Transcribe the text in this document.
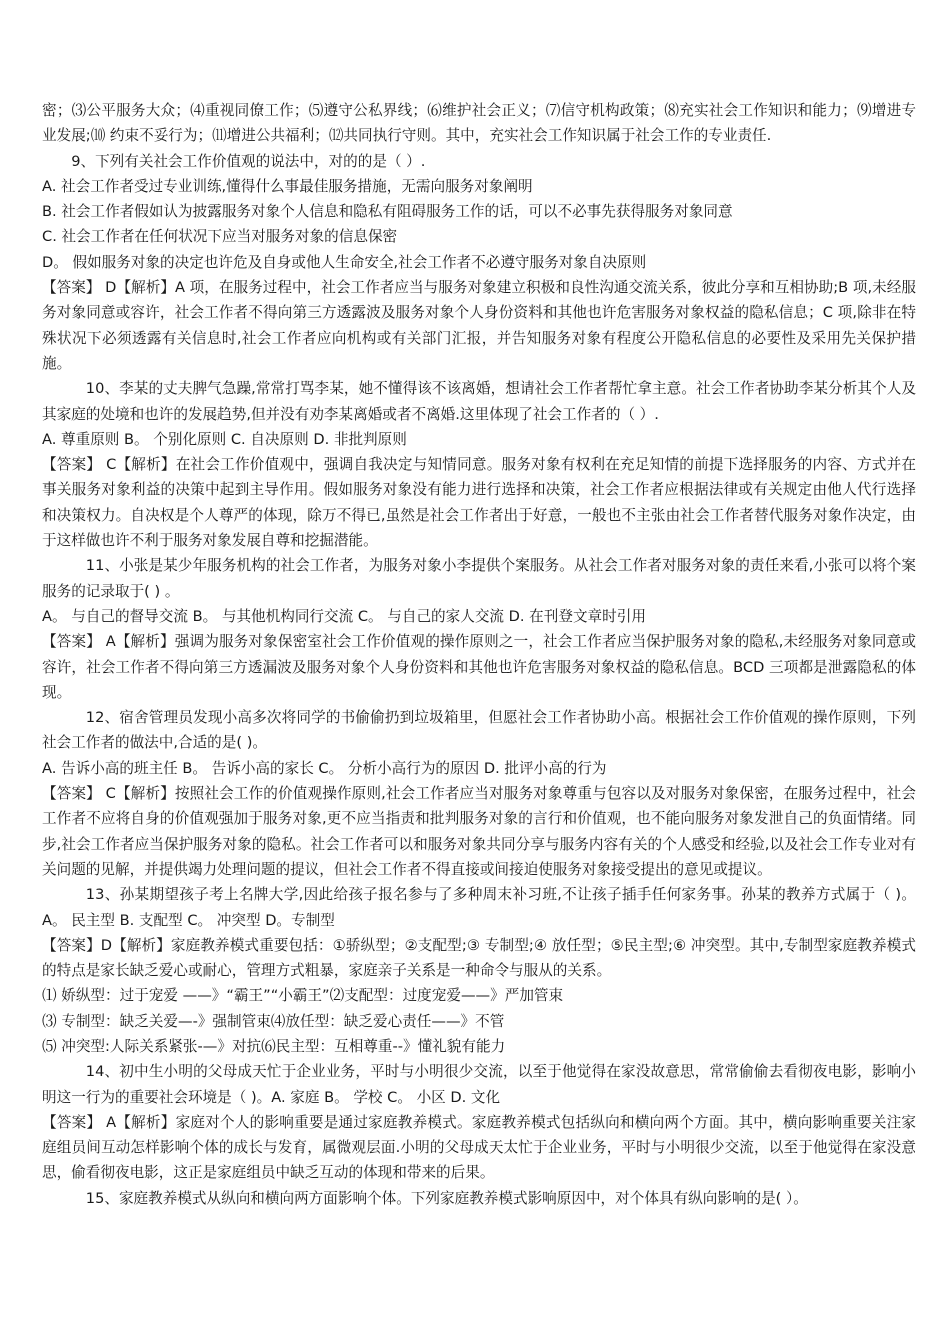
密；⑶公平服务大众；⑷重视同僚工作；⑸遵守公私界线；⑹维护社会正义；⑺信守机构政策；⑻充实社会工作知识和能力；⑼增进专业发展;⑽ 约束不妥行为；⑾增进公共福利；⑿共同执行守则。其中，充实社会工作知识属于社会工作的专业责任.

9、下列有关社会工作价值观的说法中，对的的是（ ）.

A. 社会工作者受过专业训练,懂得什么事最佳服务措施，无需向服务对象阐明

B. 社会工作者假如认为披露服务对象个人信息和隐私有阻碍服务工作的话，可以不必事先获得服务对象同意

C. 社会工作者在任何状况下应当对服务对象的信息保密

D。 假如服务对象的决定也许危及自身或他人生命安全,社会工作者不必遵守服务对象自决原则

【答案】 D【解析】A 项，在服务过程中，社会工作者应当与服务对象建立积极和良性沟通交流关系，彼此分享和互相协助;B 项,未经服务对象同意或容许，社会工作者不得向第三方透露波及服务对象个人身份资料和其他也许危害服务对象权益的隐私信息；C 项,除非在特殊状况下必须透露有关信息时,社会工作者应向机构或有关部门汇报，并告知服务对象有程度公开隐私信息的必要性及采用先关保护措施。

10、李某的丈夫脾气急躁,常常打骂李某，她不懂得该不该离婚，想请社会工作者帮忙拿主意。社会工作者协助李某分析其个人及其家庭的处境和也许的发展趋势,但并没有劝李某离婚或者不离婚.这里体现了社会工作者的（ ）.

A. 尊重原则 B。 个别化原则 C. 自决原则 D. 非批判原则

【答案】 C【解析】在社会工作价值观中，强调自我决定与知情同意。服务对象有权利在充足知情的前提下选择服务的内容、方式并在事关服务对象利益的决策中起到主导作用。假如服务对象没有能力进行选择和决策，社会工作者应根据法律或有关规定由他人代行选择和决策权力。自决权是个人尊严的体现，除万不得已,虽然是社会工作者出于好意，一般也不主张由社会工作者替代服务对象作决定，由于这样做也许不利于服务对象发展自尊和挖掘潜能。

11、小张是某少年服务机构的社会工作者，为服务对象小李提供个案服务。从社会工作者对服务对象的责任来看,小张可以将个案服务的记录取于( ) 。

A。 与自己的督导交流 B。 与其他机构同行交流 C。 与自己的家人交流 D. 在刊登文章时引用

【答案】 A【解析】强调为服务对象保密室社会工作价值观的操作原则之一，社会工作者应当保护服务对象的隐私,未经服务对象同意或容许，社会工作者不得向第三方透漏波及服务对象个人身份资料和其他也许危害服务对象权益的隐私信息。BCD 三项都是泄露隐私的体现。

12、宿舍管理员发现小高多次将同学的书偷偷扔到垃圾箱里，但愿社会工作者协助小高。根据社会工作价值观的操作原则，下列社会工作者的做法中,合适的是( )。

A. 告诉小高的班主任 B。 告诉小高的家长 C。 分析小高行为的原因 D. 批评小高的行为

【答案】 C【解析】按照社会工作的价值观操作原则,社会工作者应当对服务对象尊重与包容以及对服务对象保密，在服务过程中，社会工作者不应将自身的价值观强加于服务对象,更不应当指责和批判服务对象的言行和价值观，也不能向服务对象发泄自己的负面情绪。同步,社会工作者应当保护服务对象的隐私。社会工作者可以和服务对象共同分享与服务内容有关的个人感受和经验,以及社会工作专业对有关问题的见解，并提供竭力处理问题的提议，但社会工作者不得直接或间接迫使服务对象接受提出的意见或提议。

13、孙某期望孩子考上名牌大学,因此给孩子报名参与了多种周末补习班,不让孩子插手任何家务事。孙某的教养方式属于（ )。A。 民主型 B. 支配型 C。 冲突型 D。专制型

【答案】D【解析】家庭教养模式重要包括：①骄纵型；②支配型;③ 专制型;④ 放任型；⑤民主型;⑥ 冲突型。其中,专制型家庭教养模式的特点是家长缺乏爱心或耐心，管理方式粗暴，家庭亲子关系是一种命令与服从的关系。

⑴ 娇纵型：过于宠爱 ——》“霸王”“小霸王”⑵支配型：过度宠爱——》严加管束

⑶ 专制型：缺乏关爱—-》强制管束⑷放任型：缺乏爱心责任——》不管

⑸ 冲突型:人际关系紧张-—》对抗⑹民主型：互相尊重--》懂礼貌有能力

14、初中生小明的父母成天忙于企业业务，平时与小明很少交流，以至于他觉得在家没故意思，常常偷偷去看彻夜电影，影响小明这一行为的重要社会环境是（ )。A. 家庭 B。 学校 C。 小区 D. 文化

【答案】 A【解析】家庭对个人的影响重要是通过家庭教养模式。家庭教养模式包括纵向和横向两个方面。其中，横向影响重要关注家庭组员间互动怎样影响个体的成长与发育，属微观层面.小明的父母成天太忙于企业业务，平时与小明很少交流，以至于他觉得在家没意思，偷看彻夜电影，这正是家庭组员中缺乏互动的体现和带来的后果。

15、家庭教养模式从纵向和横向两方面影响个体。下列家庭教养模式影响原因中，对个体具有纵向影响的是( ）。
